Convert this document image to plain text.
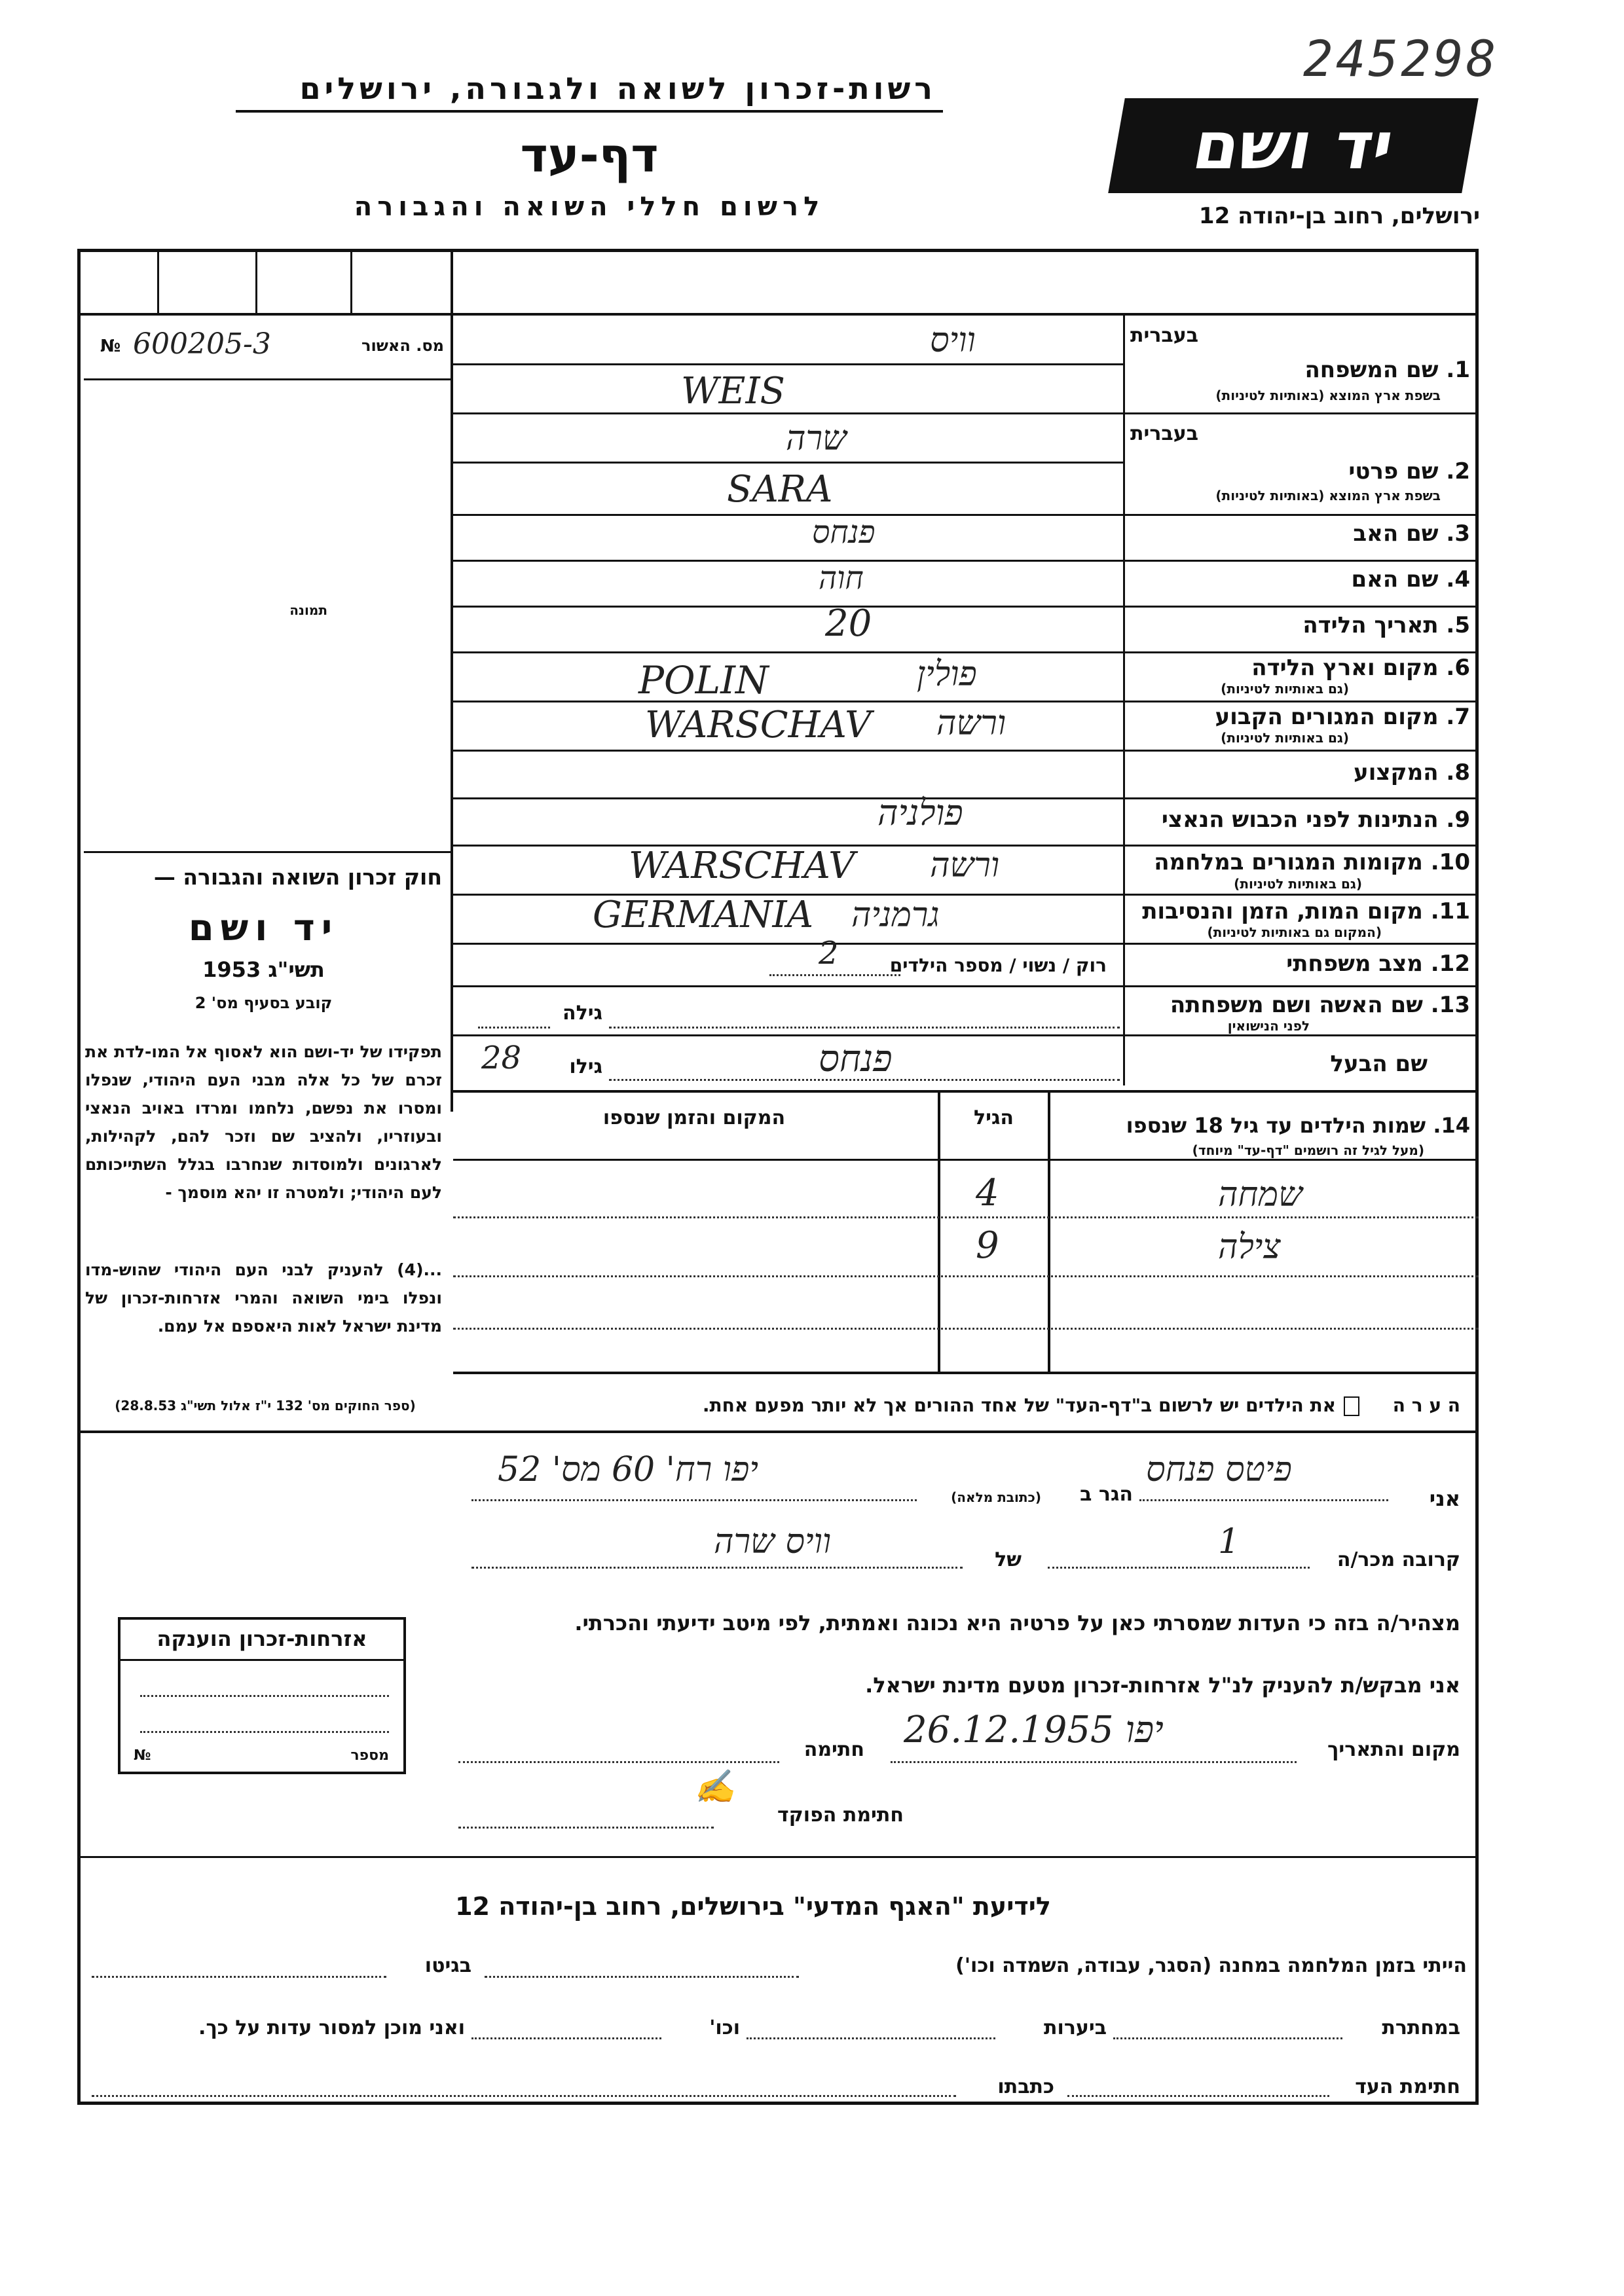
רשות-זכרון לשואה ולגבורה, ירושלים
דף-עד
לרשום חללי השואה והגבורה
245298
יד ושם
ירושלים, רחוב בן-יהודה 12
№ 600205-3	מס. האשור
תמונה
חוק זכרון השואה והגבורה —
יד ושם
תשי"ג 1953
קובע בסעיף מס' 2
תפקידו של יד-ושם הוא לאסוף אל המו-לדת את זכרם של כל אלה מבני העם היהודי, שנפלו ומסרו את נפשם, נלחמו ומרדו באויב הנאצי ובעוזריו, ולהציב שם וזכר להם, לקהילות, לארגונים ולמוסדות שנחרבו בגלל השתייכותם לעם היהודי; ולמטרה זו יהא מוסמך -
...(4) להעניק לבני העם היהודי שהוש-מדו ונפלו בימי השואה והמרי אזרחות-זכרון של מדינת ישראל לאות היאספם אל עמם.
(ספר החוקים מס' 132 י"ז אלול תשי"ג 28.8.53)
בעברית
1. שם המשפחה
בשפת ארץ המוצא (באותיות לטיניות)
וויס
WEIS
בעברית
2. שם פרטי
בשפת ארץ המוצא (באותיות לטיניות)
שרה
SARA
3. שם האב
פנחס
4. שם האם
חוה
5. תאריך הלידה
20
6. מקום וארץ הלידה
(גם באותיות לטיניות)
POLIN	פולין
7. מקום המגורים הקבוע
(גם באותיות לטיניות)
WARSCHAV ורשה
8. המקצוע
9. הנתינות לפני הכבוש הנאצי
פולניה
10. מקומות המגורים במלחמה
(גם באותיות לטיניות)
WARSCHAV ורשה
11. מקום המות, הזמן והנסיבות
(המקום גם באותיות לטיניות)
GERMANIA גרמניה
12. מצב משפחתי
רוק / נשוי / מספר הילדים
2
13. שם האשה ושם משפחתה
לפני הנישואין
גילה
שם הבעל
פנחס
גילו
28
14. שמות הילדים עד גיל 18 שנספו
(מעל לגיל זה רושמים "דף-עד" מיוחד)
הגיל
המקום והזמן שנספו
שמחה
4
צילה
9
ה ע ר ה
את הילדים יש לרשום ב"דף-העד" של אחד ההורים אך לא יותר מפעם אחת.
אני
פיטס פנחס
הגר ב
(כתובת מלאה)
יפו רח' 60 מס' 52
קרובה מכר/ה
1
של
וויס שרה
מצהיר/ה בזה כי העדות שמסרתי כאן על פרטיה היא נכונה ואמתית, לפי מיטב ידיעתי והכרתי.
אני מבקש/ת להעניק לנ"ל אזרחות-זכרון מטעם מדינת ישראל.
מקום והתאריך
יפו 26.12.1955
חתימה
✍
חתימת הפוקד
אזרחות-זכרון הוענקה
מספר
№
לידיעת "האגף המדעי" בירושלים, רחוב בן-יהודה 12
הייתי בזמן המלחמה במחנה (הסגר, עבודה, השמדה וכו')
בגיטו
במחתרת
ביערות
וכו'
ואני מוכן למסור עדות על כך.
חתימת העד
כתבתו
